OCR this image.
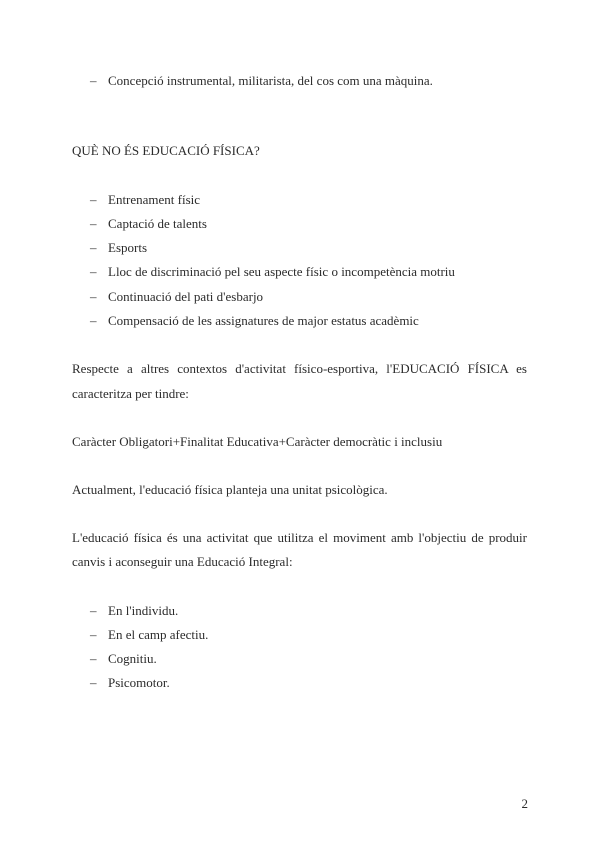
– Concepció instrumental, militarista, del cos com una màquina.
QUÈ NO ÉS EDUCACIÓ FÍSICA?
– Entrenament físic
– Captació de talents
– Esports
– Lloc de discriminació pel seu aspecte físic o incompetència motriu
– Continuació del pati d'esbarjo
– Compensació de les assignatures de major estatus acadèmic
Respecte a altres contextos d'activitat físico-esportiva, l'EDUCACIÓ FÍSICA es
caracteritza per tindre:
Caràcter Obligatori+Finalitat Educativa+Caràcter democràtic i inclusiu
Actualment, l'educació física planteja una unitat psicològica.
L'educació física és una activitat que utilitza el moviment amb l'objectiu de produir
canvis i aconseguir una Educació Integral:
– En l'individu.
– En el camp afectiu.
– Cognitiu.
– Psicomotor.
2
